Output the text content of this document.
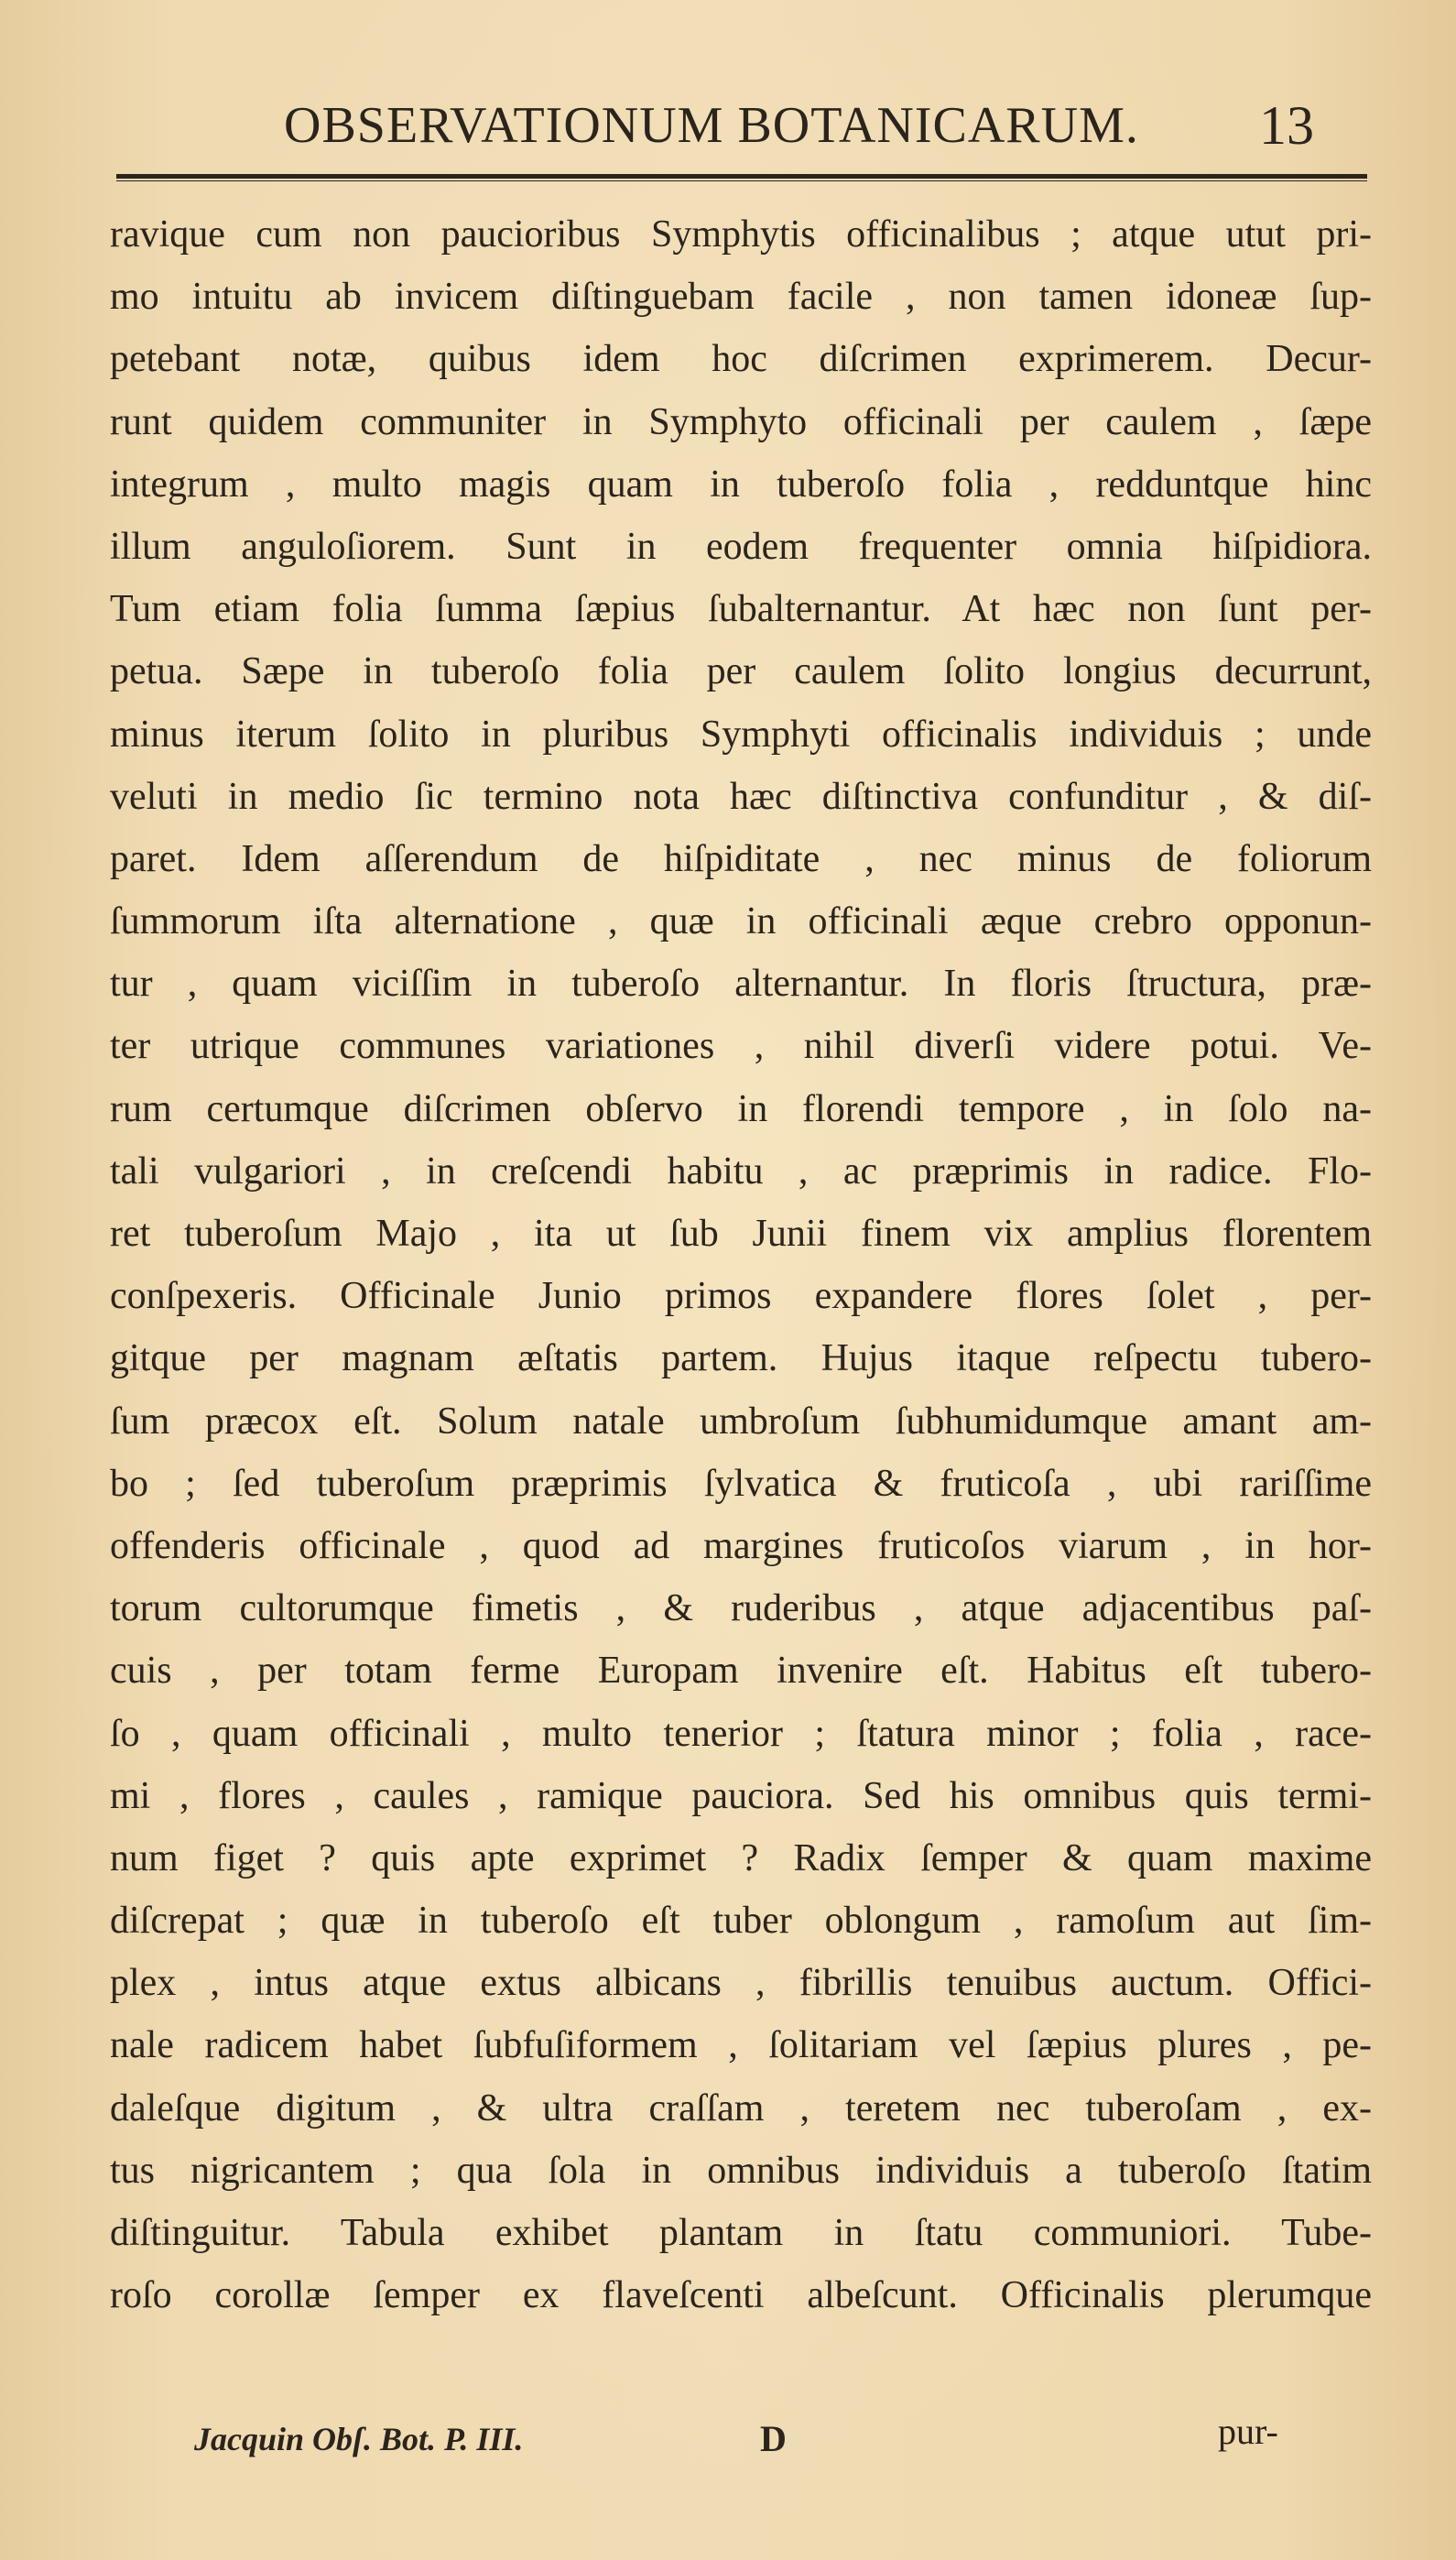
OBSERVATIONUM BOTANICARUM. 13
ravique cum non paucioribus Symphytis officinalibus ; atque utut pri-
mo intuitu ab invicem diſtinguebam facile , non tamen idoneæ ſup-
petebant notæ, quibus idem hoc diſcrimen exprimerem. Decur-
runt quidem communiter in Symphyto officinali per caulem , ſæpe
integrum , multo magis quam in tuberoſo folia , redduntque hinc
illum anguloſiorem. Sunt in eodem frequenter omnia hiſpidiora.
Tum etiam folia ſumma ſæpius ſubalternantur. At hæc non ſunt per-
petua. Sæpe in tuberoſo folia per caulem ſolito longius decurrunt,
minus iterum ſolito in pluribus Symphyti officinalis individuis ; unde
veluti in medio ſic termino nota hæc diſtinctiva confunditur , & diſ-
paret. Idem aſſerendum de hiſpiditate , nec minus de foliorum
ſummorum iſta alternatione , quæ in officinali æque crebro opponun-
tur , quam viciſſim in tuberoſo alternantur. In floris ſtructura, præ-
ter utrique communes variationes , nihil diverſi videre potui. Ve-
rum certumque diſcrimen obſervo in florendi tempore , in ſolo na-
tali vulgariori , in creſcendi habitu , ac præprimis in radice. Flo-
ret tuberoſum Majo , ita ut ſub Junii finem vix amplius florentem
conſpexeris. Officinale Junio primos expandere flores ſolet , per-
gitque per magnam æſtatis partem. Hujus itaque reſpectu tubero-
ſum præcox eſt. Solum natale umbroſum ſubhumidumque amant am-
bo ; ſed tuberoſum præprimis ſylvatica & fruticoſa , ubi rariſſime
offenderis officinale , quod ad margines fruticoſos viarum , in hor-
torum cultorumque fimetis , & ruderibus , atque adjacentibus paſ-
cuis , per totam ferme Europam invenire eſt. Habitus eſt tubero-
ſo , quam officinali , multo tenerior ; ſtatura minor ; folia , race-
mi , flores , caules , ramique pauciora. Sed his omnibus quis termi-
num figet ? quis apte exprimet ? Radix ſemper & quam maxime
diſcrepat ; quæ in tuberoſo eſt tuber oblongum , ramoſum aut ſim-
plex , intus atque extus albicans , fibrillis tenuibus auctum. Offici-
nale radicem habet ſubfuſiformem , ſolitariam vel ſæpius plures , pe-
daleſque digitum , & ultra craſſam , teretem nec tuberoſam , ex-
tus nigricantem ; qua ſola in omnibus individuis a tuberoſo ſtatim
diſtinguitur. Tabula exhibet plantam in ſtatu communiori. Tube-
roſo corollæ ſemper ex flaveſcenti albeſcunt. Officinalis plerumque
Jacquin Obſ. Bot. P. III.	D	pur-
